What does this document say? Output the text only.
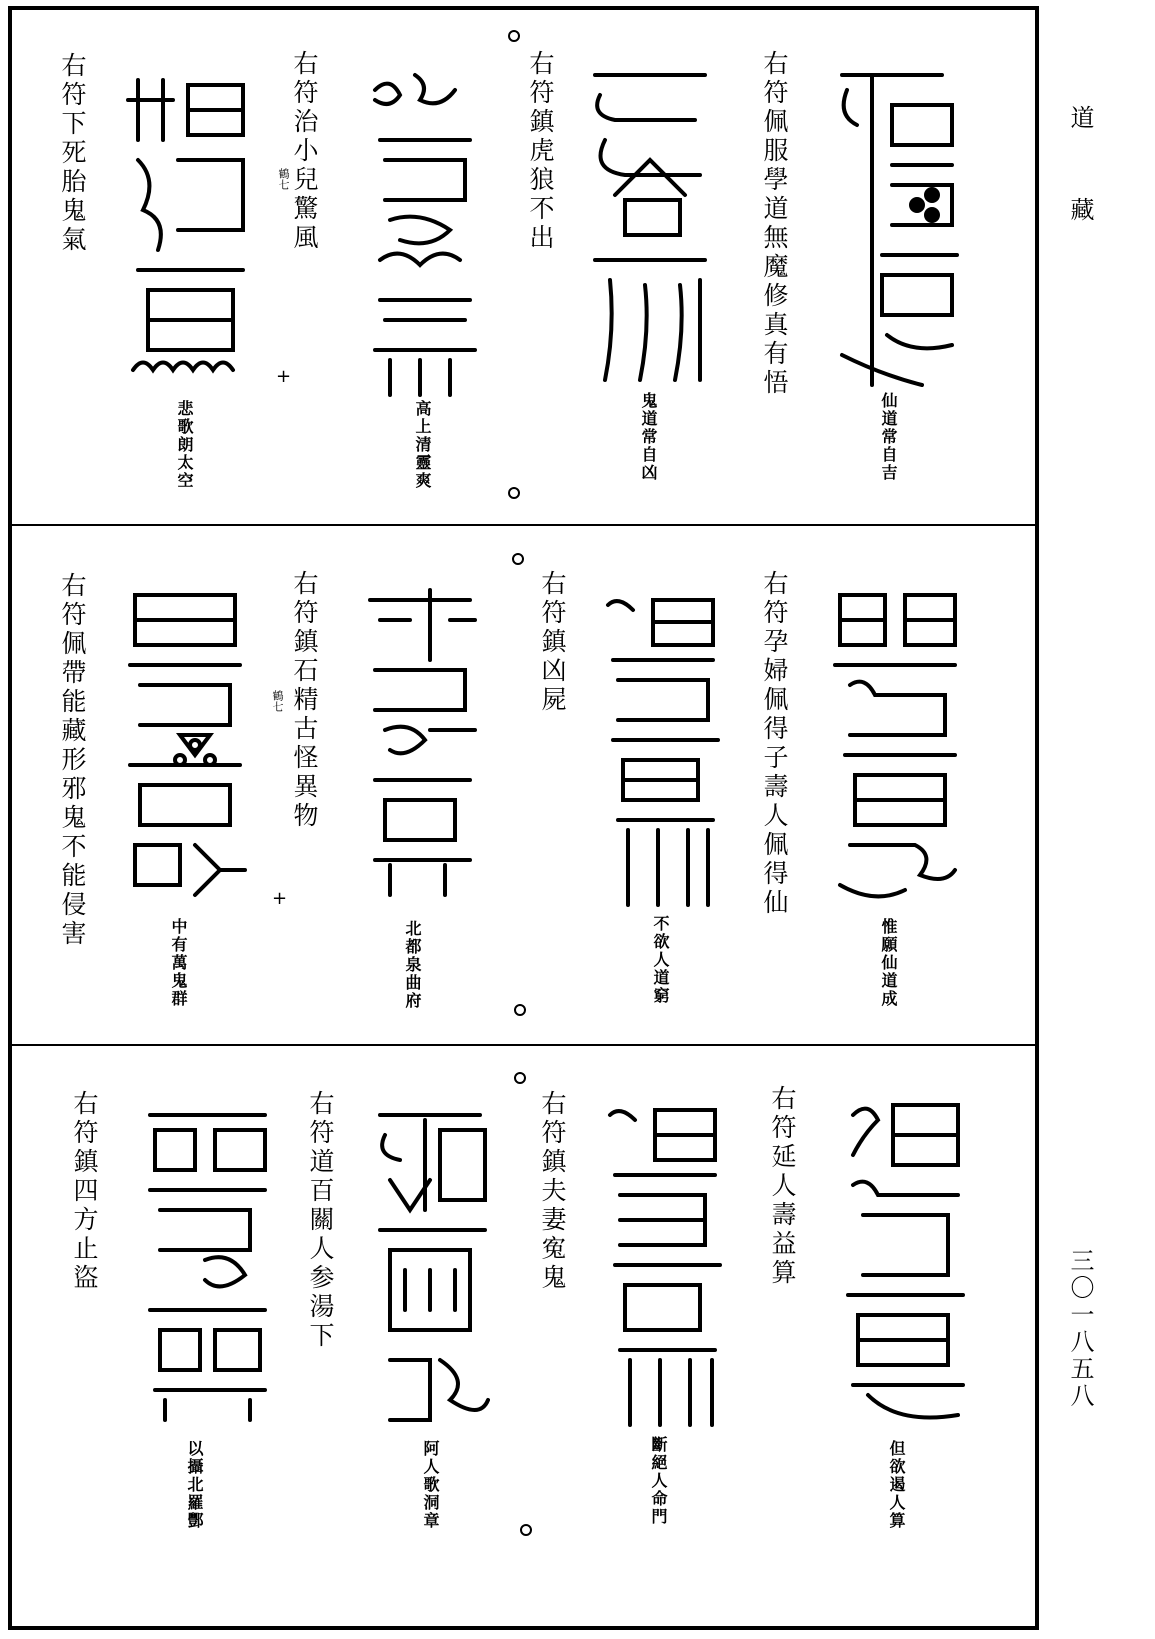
道藏
三〇一八五八
右符佩服學道無魔修真有悟
仙道常自吉
右符鎮虎狼不出
鬼道常自凶
右符治小兒驚風
鶴七
高上清靈爽
右符下死胎鬼氣
悲歌朗太空
+
右符孕婦佩得子壽人佩得仙
惟願仙道成
右符鎮凶屍
不欲人道窮
右符鎮石精古怪異物
鶴七
北都泉曲府
右符佩帶能藏形邪鬼不能侵害
中有萬鬼群
+
右符延人壽益算
但欲遏人算
右符鎮夫妻寃鬼
斷絕人命門
右符道百關人参湯下
阿人歌洞章
右符鎮四方止盜
以攝北羅酆
